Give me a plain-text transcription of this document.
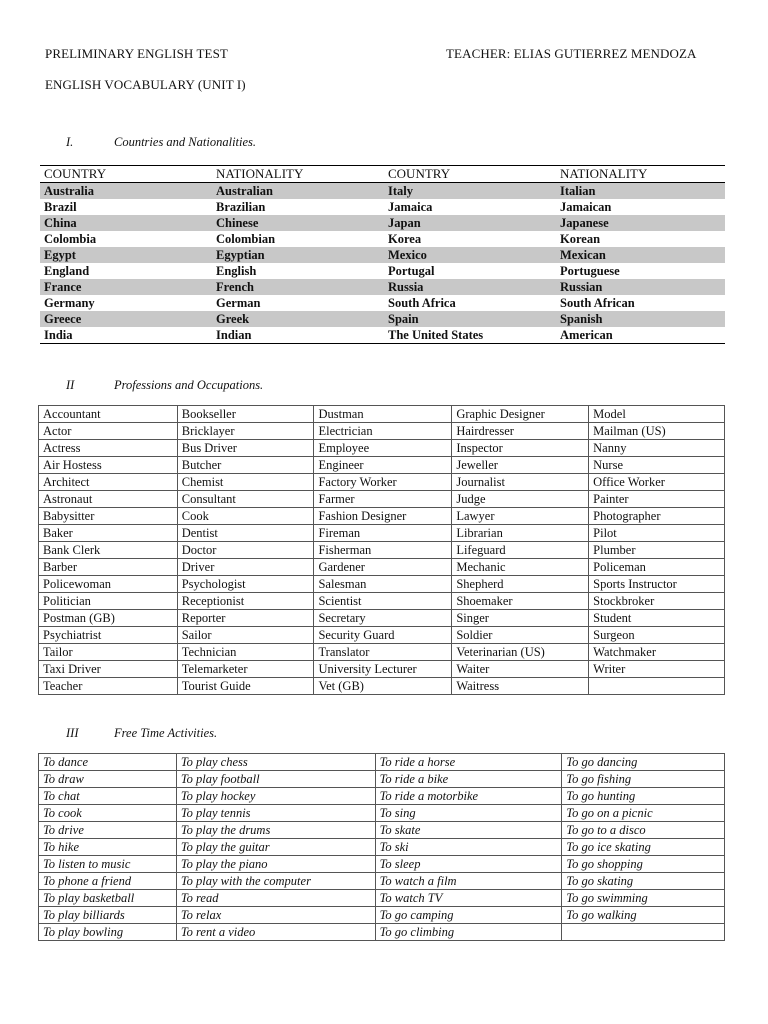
PRELIMINARY ENGLISH TEST	TEACHER: ELIAS GUTIERREZ MENDOZA
ENGLISH VOCABULARY (UNIT I)
I.	Countries and Nationalities.
COUNTRY	NATIONALITY	COUNTRY	NATIONALITY
Australia	Australian	Italy	Italian
Brazil	Brazilian	Jamaica	Jamaican
China	Chinese	Japan	Japanese
Colombia	Colombian	Korea	Korean
Egypt	Egyptian	Mexico	Mexican
England	English	Portugal	Portuguese
France	French	Russia	Russian
Germany	German	South Africa	South African
Greece	Greek	Spain	Spanish
India	Indian	The United States	American
II	Professions and Occupations.
Accountant	Bookseller	Dustman	Graphic Designer	Model
Actor	Bricklayer	Electrician	Hairdresser	Mailman (US)
Actress	Bus Driver	Employee	Inspector	Nanny
Air Hostess	Butcher	Engineer	Jeweller	Nurse
Architect	Chemist	Factory Worker	Journalist	Office Worker
Astronaut	Consultant	Farmer	Judge	Painter
Babysitter	Cook	Fashion Designer	Lawyer	Photographer
Baker	Dentist	Fireman	Librarian	Pilot
Bank Clerk	Doctor	Fisherman	Lifeguard	Plumber
Barber	Driver	Gardener	Mechanic	Policeman
Policewoman	Psychologist	Salesman	Shepherd	Sports Instructor
Politician	Receptionist	Scientist	Shoemaker	Stockbroker
Postman (GB)	Reporter	Secretary	Singer	Student
Psychiatrist	Sailor	Security Guard	Soldier	Surgeon
Tailor	Technician	Translator	Veterinarian (US)	Watchmaker
Taxi Driver	Telemarketer	University Lecturer	Waiter	Writer
Teacher	Tourist Guide	Vet (GB)	Waitress	
III	Free Time Activities.
To dance	To play chess	To ride a horse	To go dancing
To draw	To play football	To ride a bike	To go fishing
To chat	To play hockey	To ride a motorbike	To go hunting
To cook	To play tennis	To sing	To go on a picnic
To drive	To play the drums	To skate	To go to a disco
To hike	To play the guitar	To ski	To go ice skating
To listen to music	To play the piano	To sleep	To go shopping
To phone a friend	To play with the computer	To watch a film	To go skating
To play basketball	To read	To watch TV	To go swimming
To play billiards	To relax	To go camping	To go walking
To play bowling	To rent a video	To go climbing	
